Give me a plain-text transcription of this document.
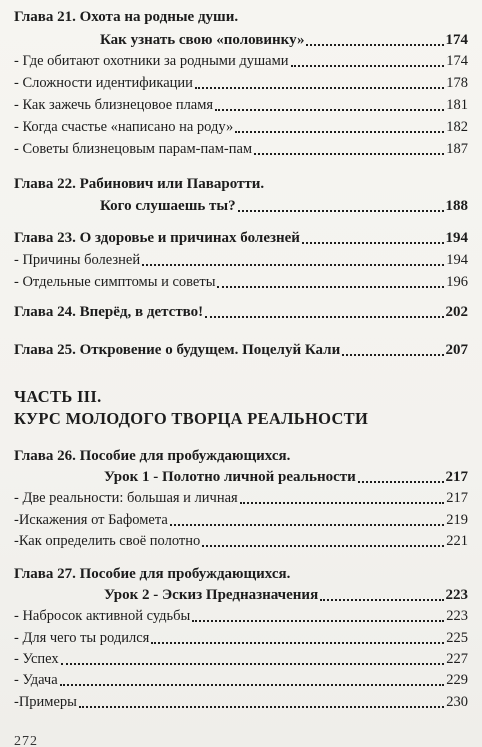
Глава 21. Охота на родные души.
Как узнать свою «половинку»	174
- Где обитают охотники за родными душами	174
- Сложности идентификации	178
- Как зажечь близнецовое пламя	181
- Когда счастье «написано на роду»	182
- Советы близнецовым парам-пам-пам	187
Глава 22. Рабинович или Паваротти.
Кого слушаешь ты?	188
Глава 23. О здоровье и причинах болезней	194
- Причины болезней	194
- Отдельные симптомы и советы	196
Глава 24. Вперёд, в детство!	202
Глава 25. Откровение о будущем. Поцелуй Кали	207
ЧАСТЬ III.
КУРС МОЛОДОГО ТВОРЦА РЕАЛЬНОСТИ
Глава 26. Пособие для пробуждающихся.
Урок 1 - Полотно личной реальности	217
- Две реальности: большая и личная	217
-Искажения от Бафомета	219
-Как определить своё полотно	221
Глава 27. Пособие для пробуждающихся.
Урок 2 - Эскиз Предназначения	223
- Набросок активной судьбы	223
- Для чего ты родился	225
- Успех	227
- Удача	229
-Примеры	230
272
